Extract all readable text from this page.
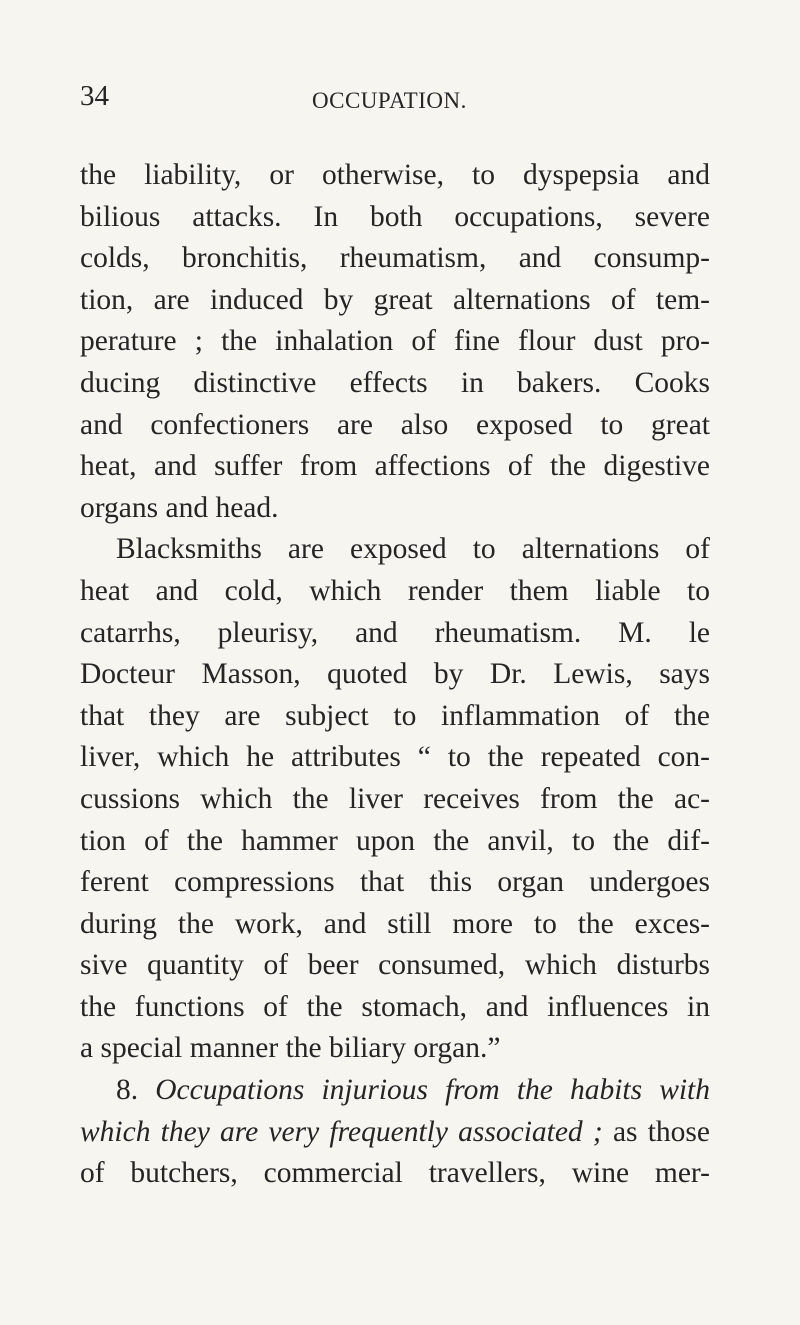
34	OCCUPATION.
the liability, or otherwise, to dyspepsia and
bilious attacks. In both occupations, severe
colds, bronchitis, rheumatism, and consump-
tion, are induced by great alternations of tem-
perature ; the inhalation of fine flour dust pro-
ducing distinctive effects in bakers. Cooks
and confectioners are also exposed to great
heat, and suffer from affections of the digestive
organs and head.
Blacksmiths are exposed to alternations of
heat and cold, which render them liable to
catarrhs, pleurisy, and rheumatism. M. le
Docteur Masson, quoted by Dr. Lewis, says
that they are subject to inflammation of the
liver, which he attributes “ to the repeated con-
cussions which the liver receives from the ac-
tion of the hammer upon the anvil, to the dif-
ferent compressions that this organ undergoes
during the work, and still more to the exces-
sive quantity of beer consumed, which disturbs
the functions of the stomach, and influences in
a special manner the biliary organ.”
8. Occupations injurious from the habits with
which they are very frequently associated ; as those
of butchers, commercial travellers, wine mer-
